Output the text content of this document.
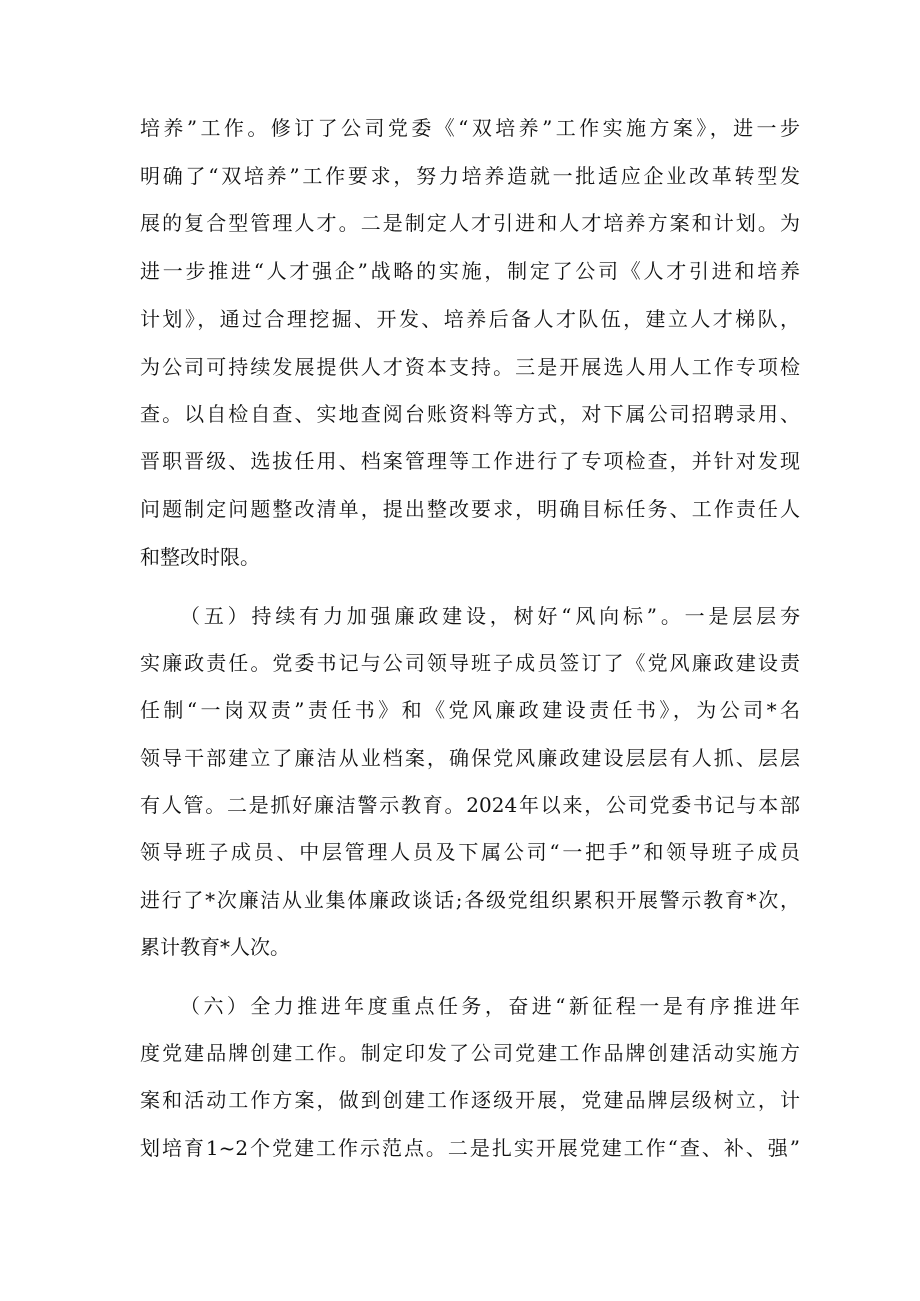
培养”工作。修订了公司党委《“双培养”工作实施方案》，进一步
明确了“双培养”工作要求，努力培养造就一批适应企业改革转型发
展的复合型管理人才。二是制定人才引进和人才培养方案和计划。为
进一步推进“人才强企”战略的实施，制定了公司《人才引进和培养
计划》，通过合理挖掘、开发、培养后备人才队伍，建立人才梯队，
为公司可持续发展提供人才资本支持。三是开展选人用人工作专项检
查。以自检自查、实地查阅台账资料等方式，对下属公司招聘录用、
晋职晋级、选拔任用、档案管理等工作进行了专项检查，并针对发现
问题制定问题整改清单，提出整改要求，明确目标任务、工作责任人
和整改时限。
（五）持续有力加强廉政建设，树好“风向标”。一是层层夯
实廉政责任。党委书记与公司领导班子成员签订了《党风廉政建设责
任制“一岗双责”责任书》和《党风廉政建设责任书》，为公司*名
领导干部建立了廉洁从业档案，确保党风廉政建设层层有人抓、层层
有人管。二是抓好廉洁警示教育。2024年以来，公司党委书记与本部
领导班子成员、中层管理人员及下属公司“一把手”和领导班子成员
进行了*次廉洁从业集体廉政谈话;各级党组织累积开展警示教育*次，
累计教育*人次。
（六）全力推进年度重点任务，奋进“新征程一是有序推进年
度党建品牌创建工作。制定印发了公司党建工作品牌创建活动实施方
案和活动工作方案，做到创建工作逐级开展，党建品牌层级树立，计
划培育1~2个党建工作示范点。二是扎实开展党建工作“查、补、强”
